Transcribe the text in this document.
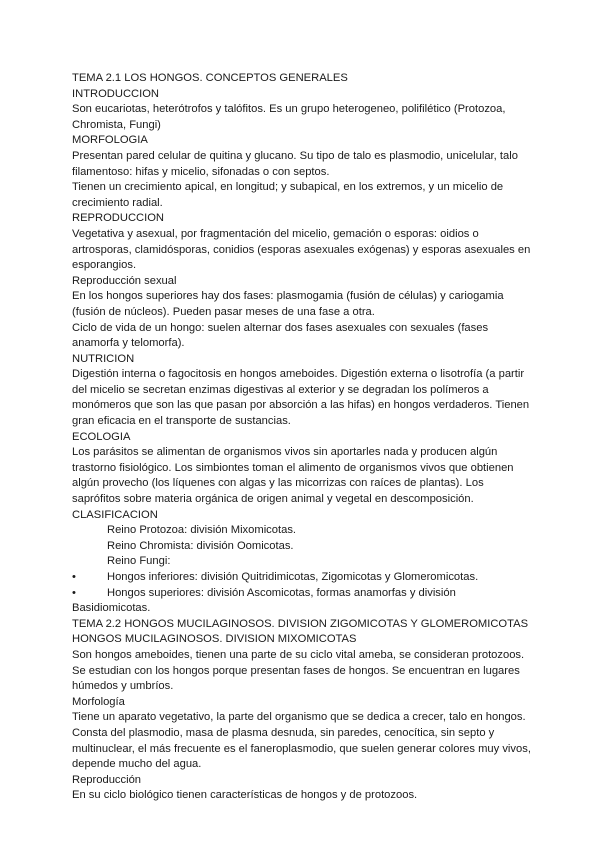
TEMA 2.1 LOS HONGOS. CONCEPTOS GENERALES
INTRODUCCION
Son eucariotas, heterótrofos y talófitos. Es un grupo heterogeneo, polifilético (Protozoa,
Chromista, Fungi)
MORFOLOGIA
Presentan pared celular de quitina y glucano. Su tipo de talo es plasmodio, unicelular, talo
filamentoso: hifas y micelio, sifonadas o con septos.
Tienen un crecimiento apical, en longitud; y subapical, en los extremos, y un micelio de
crecimiento radial.
REPRODUCCION
Vegetativa y asexual, por fragmentación del micelio, gemación o esporas: oidios o
artrosporas, clamidósporas, conidios (esporas asexuales exógenas) y esporas asexuales en
esporangios.
Reproducción sexual
En los hongos superiores hay dos fases: plasmogamia (fusión de células) y cariogamia
(fusión de núcleos). Pueden pasar meses de una fase a otra.
Ciclo de vida de un hongo: suelen alternar dos fases asexuales con sexuales (fases
anamorfa y telomorfa).
NUTRICION
Digestión interna o fagocitosis en hongos ameboides. Digestión externa o lisotrofía (a partir
del micelio se secretan enzimas digestivas al exterior y se degradan los polímeros a
monómeros que son las que pasan por absorción a las hifas) en hongos verdaderos. Tienen
gran eficacia en el transporte de sustancias.
ECOLOGIA
Los parásitos se alimentan de organismos vivos sin aportarles nada y producen algún
trastorno fisiológico. Los simbiontes toman el alimento de organismos vivos que obtienen
algún provecho (los líquenes con algas y las micorrizas con raíces de plantas). Los
saprófitos sobre materia orgánica de origen animal y vegetal en descomposición.
CLASIFICACION
Reino Protozoa: división Mixomicotas.
Reino Chromista: división Oomicotas.
Reino Fungi:
•	Hongos inferiores: división Quitridimicotas, Zigomicotas y Glomeromicotas.
•	Hongos superiores: división Ascomicotas, formas anamorfas y división
Basidiomicotas.
TEMA 2.2 HONGOS MUCILAGINOSOS. DIVISION ZIGOMICOTAS Y GLOMEROMICOTAS
HONGOS MUCILAGINOSOS. DIVISION MIXOMICOTAS
Son hongos ameboides, tienen una parte de su ciclo vital ameba, se consideran protozoos.
Se estudian con los hongos porque presentan fases de hongos. Se encuentran en lugares
húmedos y umbríos.
Morfología
Tiene un aparato vegetativo, la parte del organismo que se dedica a crecer, talo en hongos.
Consta del plasmodio, masa de plasma desnuda, sin paredes, cenocítica, sin septo y
multinuclear, el más frecuente es el faneroplasmodio, que suelen generar colores muy vivos,
depende mucho del agua.
Reproducción
En su ciclo biológico tienen características de hongos y de protozoos.
